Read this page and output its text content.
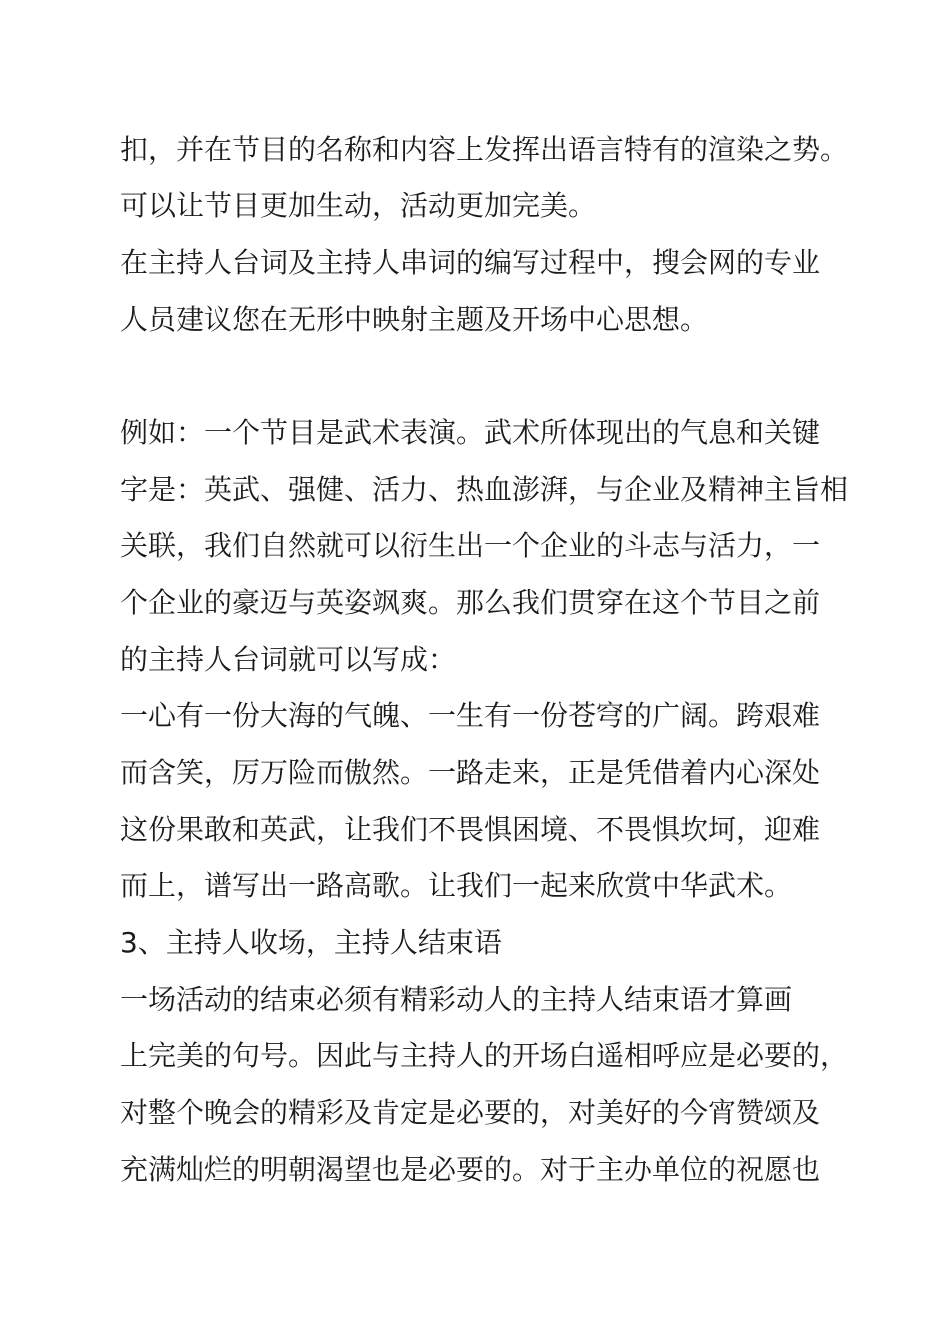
扣，并在节目的名称和内容上发挥出语言特有的渲染之势。
可以让节目更加生动，活动更加完美。
在主持人台词及主持人串词的编写过程中，搜会网的专业
人员建议您在无形中映射主题及开场中心思想。
例如：一个节目是武术表演。武术所体现出的气息和关键
字是：英武、强健、活力、热血澎湃，与企业及精神主旨相
关联，我们自然就可以衍生出一个企业的斗志与活力，一
个企业的豪迈与英姿飒爽。那么我们贯穿在这个节目之前
的主持人台词就可以写成：
一心有一份大海的气魄、一生有一份苍穹的广阔。跨艰难
而含笑，厉万险而傲然。一路走来，正是凭借着内心深处
这份果敢和英武，让我们不畏惧困境、不畏惧坎坷，迎难
而上，谱写出一路高歌。让我们一起来欣赏中华武术。
3、主持人收场，主持人结束语
一场活动的结束必须有精彩动人的主持人结束语才算画
上完美的句号。因此与主持人的开场白遥相呼应是必要的，
对整个晚会的精彩及肯定是必要的，对美好的今宵赞颂及
充满灿烂的明朝渴望也是必要的。对于主办单位的祝愿也
